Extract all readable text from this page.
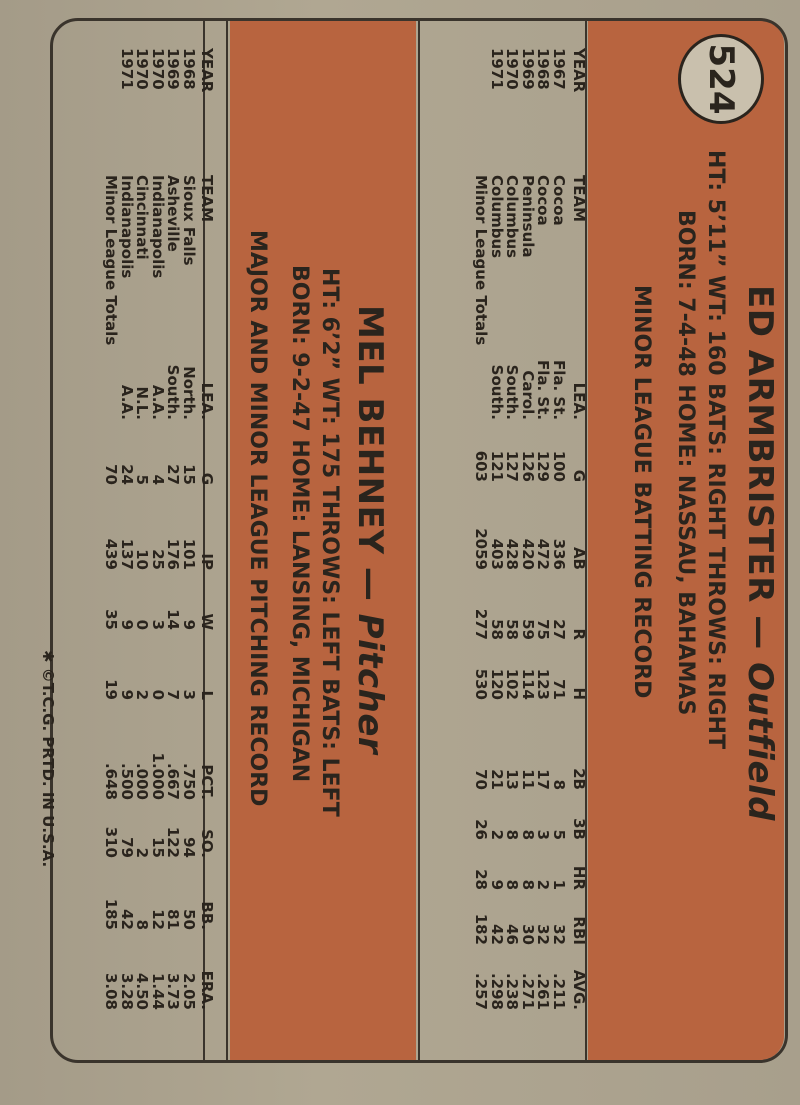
524
ED ARMBRISTER — Outfield
HT: 5’11” WT: 160 BATS: RIGHT THROWS: RIGHT
BORN: 7-4-48 HOME: NASSAU, BAHAMAS
MINOR LEAGUE BATTING RECORD
YEAR
TEAM
LEA.
G
AB
R
H
2B
3B
HR
RBI
AVG.
1967
Cocoa
Fla. St.
100
336
27
71
8
5
1
32
.211
1968
Cocoa
Fla. St.
129
472
75
123
17
3
2
32
.261
1969
Peninsula
Carol.
126
420
59
114
11
8
8
30
.271
1970
Columbus
South.
127
428
58
102
13
8
8
46
.238
1971
Columbus
South.
121
403
58
120
21
2
9
42
.298
Minor League Totals
603
2059
277
530
70
26
28
182
.257
MEL BEHNEY — Pitcher
HT: 6’2” WT: 175 THROWS: LEFT BATS: LEFT
BORN: 9-2-47 HOME: LANSING, MICHIGAN
MAJOR AND MINOR LEAGUE PITCHING RECORD
YEAR
TEAM
LEA.
G
IP
W
L
PCT.
SO.
BB.
ERA.
1968
Sioux Falls
North.
15
101
9
3
.750
94
50
2.05
1969
Asheville
South.
27
176
14
7
.667
122
81
3.73
1970
Indianapolis
A.A.
4
25
3
0
1.000
15
12
1.44
1970
Cincinnati
N.L.
5
10
0
2
.000
2
8
4.50
1971
Indianapolis
A.A.
24
137
9
9
.500
79
42
3.28
Minor League Totals
70
439
35
19
.648
310
185
3.08
✱ ©T.C.G. PRTD. IN U.S.A.
